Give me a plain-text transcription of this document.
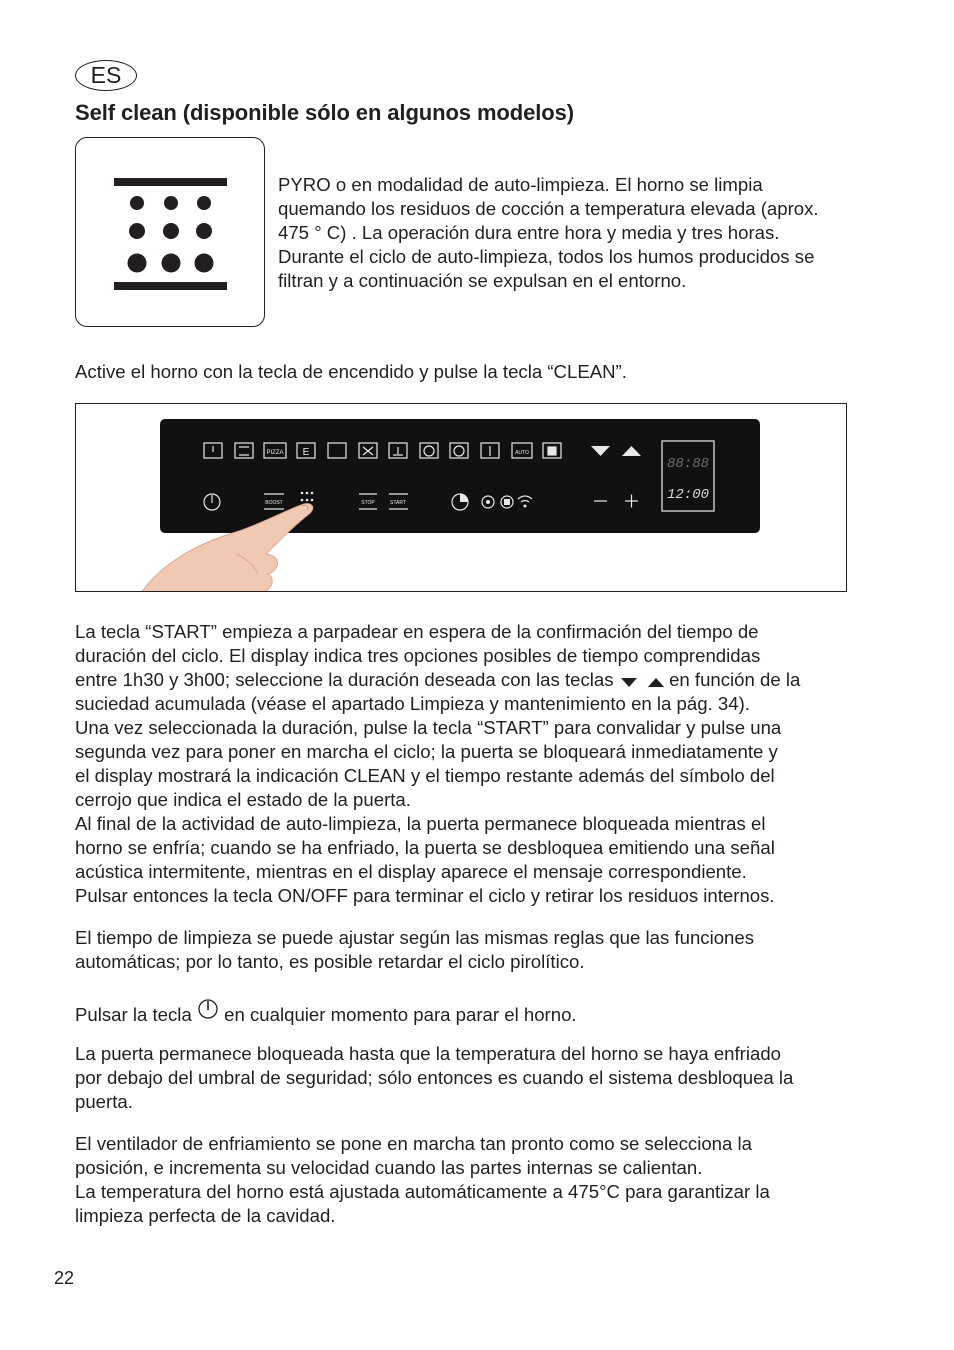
ES
Self clean (disponible sólo en algunos modelos)
PYRO o en modalidad de auto-limpieza. El horno se limpia
quemando los residuos de cocción a temperatura elevada (aprox.
475 ° C) . La operación dura entre hora y media y tres horas.
Durante el ciclo de auto-limpieza, todos los humos producidos se
filtran y a continuación se expulsan en el entorno.
Active el horno con la tecla de encendido y pulse la tecla “CLEAN”.
PIZZA E	AUTO
BOOST	STOP	START
88:88
12:00
La tecla “START” empieza a parpadear en espera de la confirmación del tiempo de
duración del ciclo. El display indica tres opciones posibles de tiempo comprendidas
entre 1h30 y 3h00; seleccione la duración deseada con las teclas	en función de la
suciedad acumulada (véase el apartado Limpieza y mantenimiento en la pág. 34).
Una vez seleccionada la duración, pulse la tecla “START” para convalidar y pulse una
segunda vez para poner en marcha el ciclo; la puerta se bloqueará inmediatamente y
el display mostrará la indicación CLEAN y el tiempo restante además del símbolo del
cerrojo que indica el estado de la puerta.
Al final de la actividad de auto-limpieza, la puerta permanece bloqueada mientras el
horno se enfría; cuando se ha enfriado, la puerta se desbloquea emitiendo una señal
acústica intermitente, mientras en el display aparece el mensaje correspondiente.
Pulsar entonces la tecla ON/OFF para terminar el ciclo y retirar los residuos internos.
El tiempo de limpieza se puede ajustar según las mismas reglas que las funciones
automáticas; por lo tanto, es posible retardar el ciclo pirolítico.
Pulsar la tecla en cualquier momento para parar el horno.
La puerta permanece bloqueada hasta que la temperatura del horno se haya enfriado
por debajo del umbral de seguridad; sólo entonces es cuando el sistema desbloquea la
puerta.
El ventilador de enfriamiento se pone en marcha tan pronto como se selecciona la
posición, e incrementa su velocidad cuando las partes internas se calientan.
La temperatura del horno está ajustada automáticamente a 475°C para garantizar la
limpieza perfecta de la cavidad.
22
